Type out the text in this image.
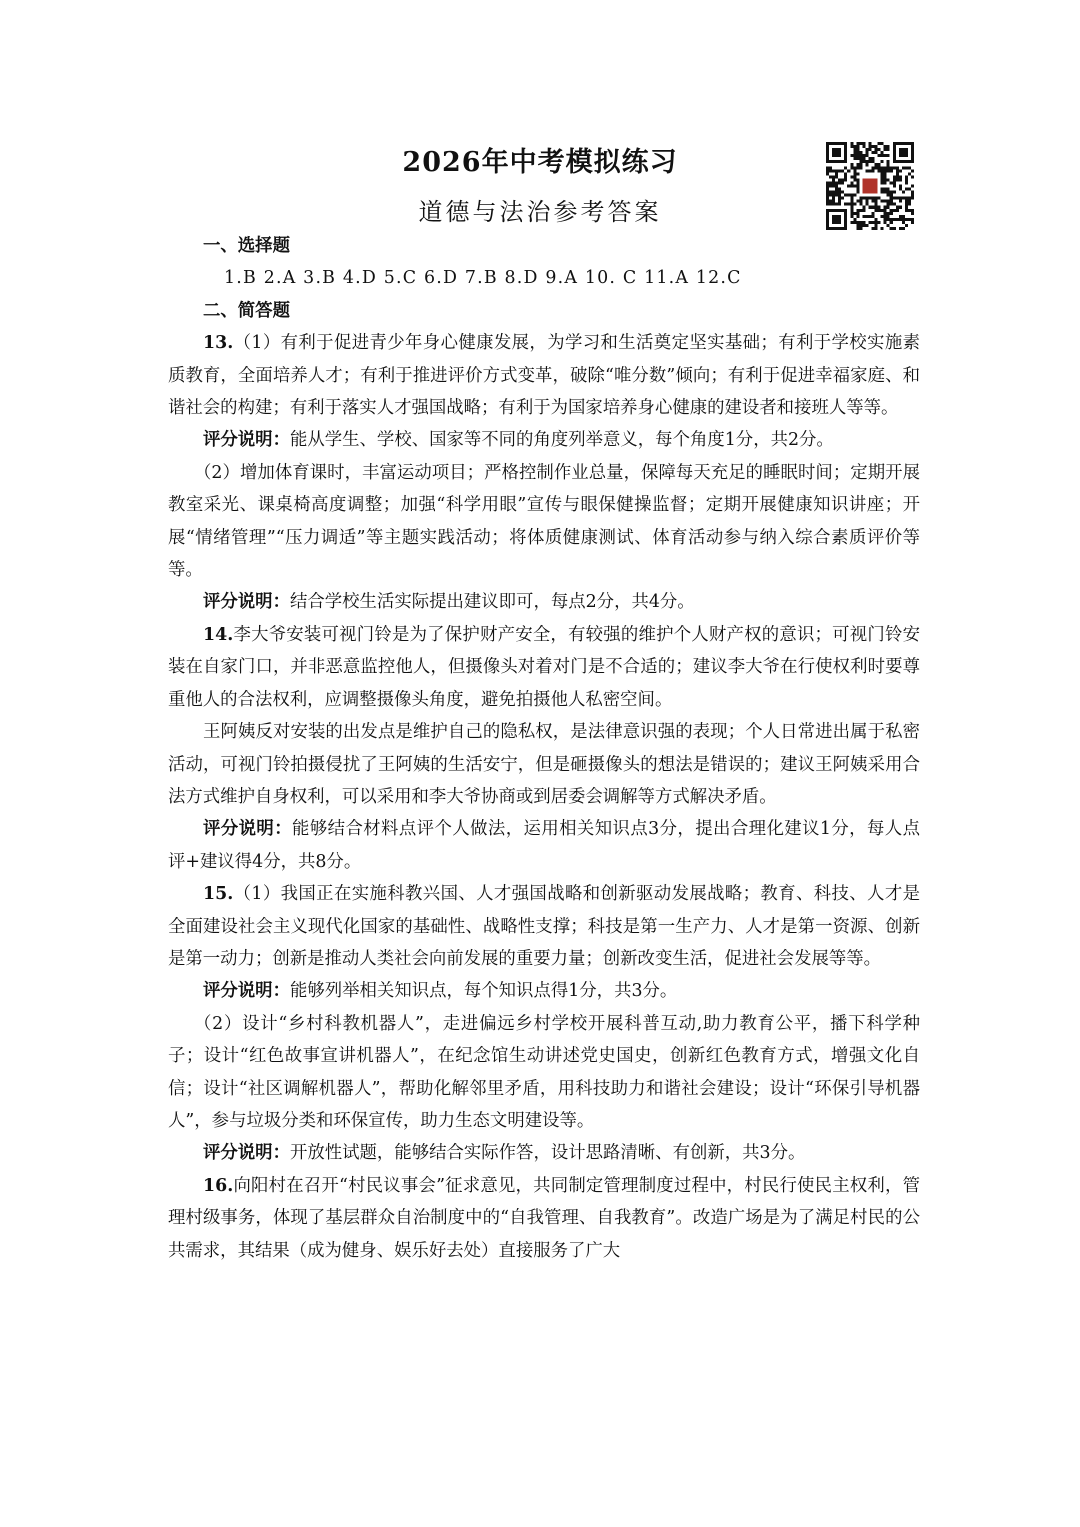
2026年中考模拟练习
道德与法治参考答案

一、选择题

1.B 2.A 3.B 4.D 5.C 6.D 7.B 8.D 9.A 10. C 11.A 12.C

二、简答题

13.（1）有利于促进青少年身心健康发展，为学习和生活奠定坚实基础；有利于学校实施素质教育，全面培养人才；有利于推进评价方式变革，破除“唯分数”倾向；有利于促进幸福家庭、和谐社会的构建；有利于落实人才强国战略；有利于为国家培养身心健康的建设者和接班人等等。

评分说明：能从学生、学校、国家等不同的角度列举意义，每个角度1分，共2分。

（2）增加体育课时，丰富运动项目；严格控制作业总量，保障每天充足的睡眠时间；定期开展教室采光、课桌椅高度调整；加强“科学用眼”宣传与眼保健操监督；定期开展健康知识讲座；开展“情绪管理”“压力调适”等主题实践活动；将体质健康测试、体育活动参与纳入综合素质评价等等。

评分说明：结合学校生活实际提出建议即可，每点2分，共4分。

14.李大爷安装可视门铃是为了保护财产安全，有较强的维护个人财产权的意识；可视门铃安装在自家门口，并非恶意监控他人，但摄像头对着对门是不合适的；建议李大爷在行使权利时要尊重他人的合法权利，应调整摄像头角度，避免拍摄他人私密空间。

王阿姨反对安装的出发点是维护自己的隐私权，是法律意识强的表现；个人日常进出属于私密活动，可视门铃拍摄侵扰了王阿姨的生活安宁，但是砸摄像头的想法是错误的；建议王阿姨采用合法方式维护自身权利，可以采用和李大爷协商或到居委会调解等方式解决矛盾。

评分说明：能够结合材料点评个人做法，运用相关知识点3分，提出合理化建议1分，每人点评+建议得4分，共8分。

15.（1）我国正在实施科教兴国、人才强国战略和创新驱动发展战略；教育、科技、人才是全面建设社会主义现代化国家的基础性、战略性支撑；科技是第一生产力、人才是第一资源、创新是第一动力；创新是推动人类社会向前发展的重要力量；创新改变生活，促进社会发展等等。

评分说明：能够列举相关知识点，每个知识点得1分，共3分。

（2）设计“乡村科教机器人”，走进偏远乡村学校开展科普互动,助力教育公平，播下科学种子；设计“红色故事宣讲机器人”，在纪念馆生动讲述党史国史，创新红色教育方式，增强文化自信；设计“社区调解机器人”，帮助化解邻里矛盾，用科技助力和谐社会建设；设计“环保引导机器人”，参与垃圾分类和环保宣传，助力生态文明建设等。

评分说明：开放性试题，能够结合实际作答，设计思路清晰、有创新，共3分。

16.向阳村在召开“村民议事会”征求意见，共同制定管理制度过程中，村民行使民主权利，管理村级事务，体现了基层群众自治制度中的“自我管理、自我教育”。改造广场是为了满足村民的公共需求，其结果（成为健身、娱乐好去处）直接服务了广大
